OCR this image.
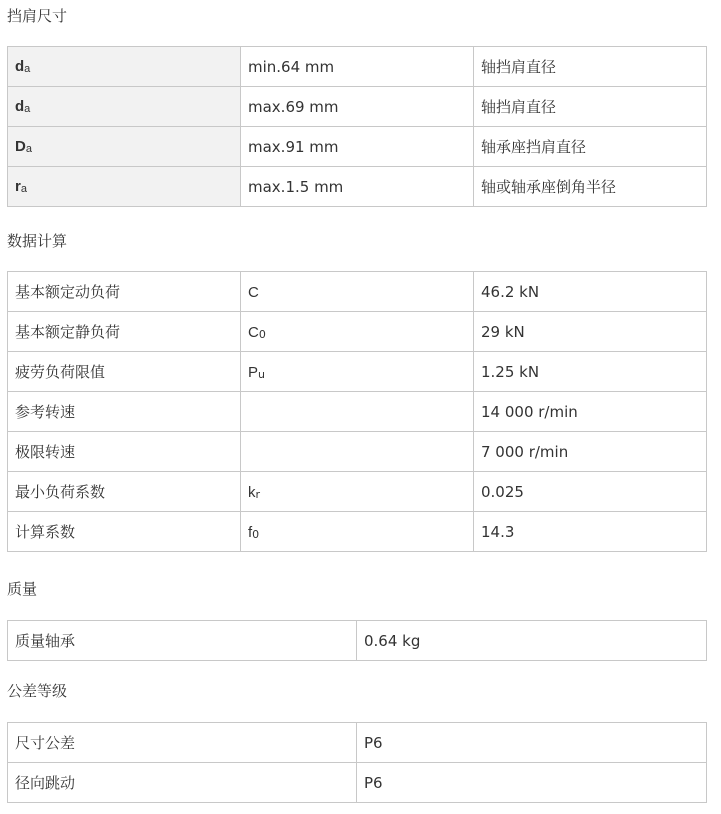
挡肩尺寸
$d_a$	min.64 mm	轴挡肩直径
$d_a$	max.69 mm	轴挡肩直径
$D_a$	max.91 mm	轴承座挡肩直径
$r_a$	max.1.5 mm	轴或轴承座倒角半径
数据计算
基本额定动负荷	C	46.2 kN
基本额定静负荷	$C_0$	29 kN
疲劳负荷限值	$P_u$	1.25 kN
参考转速		14 000 r/min
极限转速		7 000 r/min
最小负荷系数	$k_r$	0.025
计算系数	$f_0$	14.3
质量
质量轴承	0.64 kg
公差等级
尺寸公差	P6
径向跳动	P6
